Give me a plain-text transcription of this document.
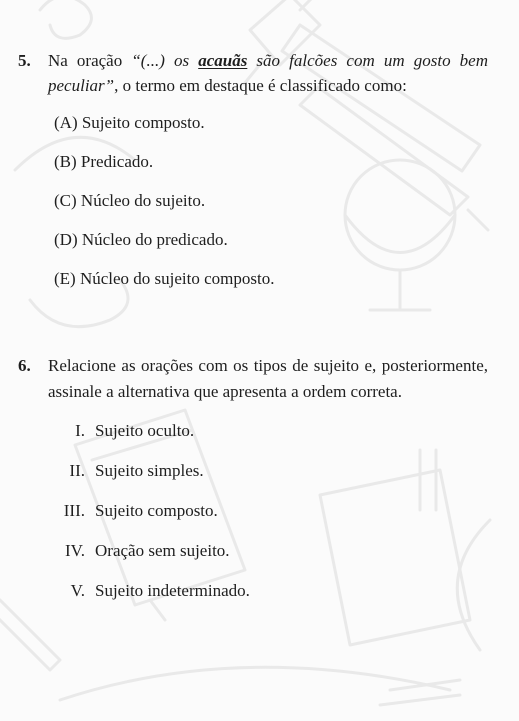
5.	Na oração “(...) os acauãs são falcões com um gosto bem peculiar”, o termo em destaque é classificado como:
(A) Sujeito composto.
(B) Predicado.
(C) Núcleo do sujeito.
(D) Núcleo do predicado.
(E) Núcleo do sujeito composto.
6.	Relacione as orações com os tipos de sujeito e, posteriormente, assinale a alternativa que apresenta a ordem correta.
I. Sujeito oculto.
II. Sujeito simples.
III. Sujeito composto.
IV. Oração sem sujeito.
V. Sujeito indeterminado.
